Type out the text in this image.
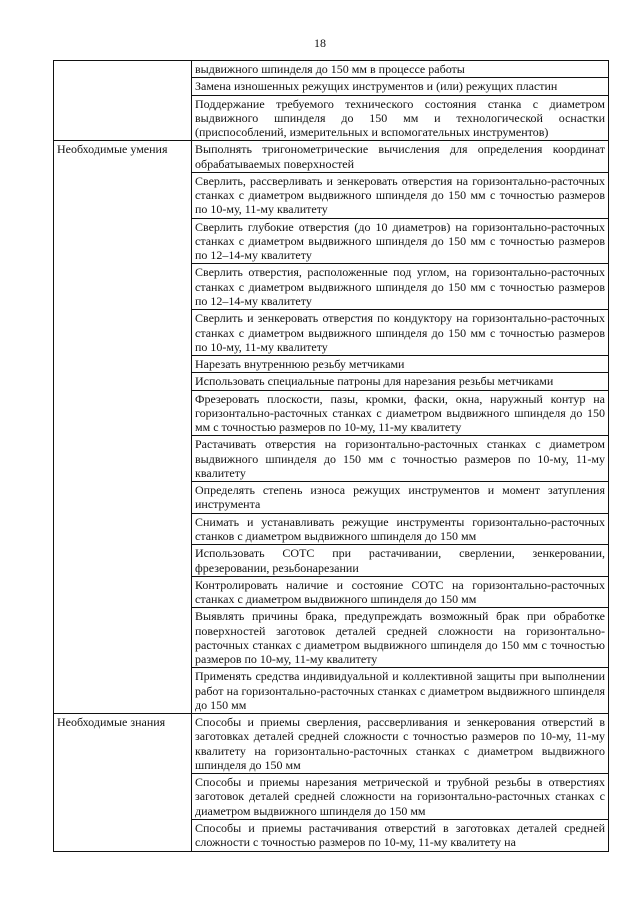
18
	выдвижного шпинделя до 150 мм в процессе работы
	Замена изношенных режущих инструментов и (или) режущих пластин
	Поддержание требуемого технического состояния станка с диаметром выдвижного шпинделя до 150 мм и технологической оснастки (приспособлений, измерительных и вспомогательных инструментов)
Необходимые умения	Выполнять тригонометрические вычисления для определения координат обрабатываемых поверхностей
	Сверлить, рассверливать и зенкеровать отверстия на горизонтально-расточных станках с диаметром выдвижного шпинделя до 150 мм с точностью размеров по 10-му, 11-му квалитету
	Сверлить глубокие отверстия (до 10 диаметров) на горизонтально-расточных станках с диаметром выдвижного шпинделя до 150 мм с точностью размеров по 12–14-му квалитету
	Сверлить отверстия, расположенные под углом, на горизонтально-расточных станках с диаметром выдвижного шпинделя до 150 мм с точностью размеров по 12–14-му квалитету
	Сверлить и зенкеровать отверстия по кондуктору на горизонтально-расточных станках с диаметром выдвижного шпинделя до 150 мм с точностью размеров по 10-му, 11-му квалитету
	Нарезать внутреннюю резьбу метчиками
	Использовать специальные патроны для нарезания резьбы метчиками
	Фрезеровать плоскости, пазы, кромки, фаски, окна, наружный контур на горизонтально-расточных станках с диаметром выдвижного шпинделя до 150 мм с точностью размеров по 10-му, 11-му квалитету
	Растачивать отверстия на горизонтально-расточных станках с диаметром выдвижного шпинделя до 150 мм с точностью размеров по 10-му, 11-му квалитету
	Определять степень износа режущих инструментов и момент затупления инструмента
	Снимать и устанавливать режущие инструменты горизонтально-расточных станков с диаметром выдвижного шпинделя до 150 мм
	Использовать СОТС при растачивании, сверлении, зенкеровании, фрезеровании, резьбонарезании
	Контролировать наличие и состояние СОТС на горизонтально-расточных станках с диаметром выдвижного шпинделя до 150 мм
	Выявлять причины брака, предупреждать возможный брак при обработке поверхностей заготовок деталей средней сложности на горизонтально-расточных станках с диаметром выдвижного шпинделя до 150 мм с точностью размеров по 10-му, 11-му квалитету
	Применять средства индивидуальной и коллективной защиты при выполнении работ на горизонтально-расточных станках с диаметром выдвижного шпинделя до 150 мм
Необходимые знания	Способы и приемы сверления, рассверливания и зенкерования отверстий в заготовках деталей средней сложности с точностью размеров по 10-му, 11-му квалитету на горизонтально-расточных станках с диаметром выдвижного шпинделя до 150 мм
	Способы и приемы нарезания метрической и трубной резьбы в отверстиях заготовок деталей средней сложности на горизонтально-расточных станках с диаметром выдвижного шпинделя до 150 мм
	Способы и приемы растачивания отверстий в заготовках деталей средней сложности с точностью размеров по 10-му, 11-му квалитету на
